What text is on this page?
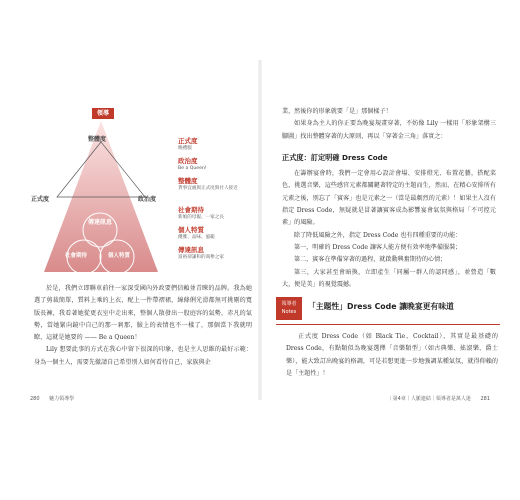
領導
整體度
正式度	政治度
傳達訊息
社會期待	個人特質
正式度
晚禮服
政治度
Be a Queen!
整體度
貨事宜處與正式度與社人接近
社會期待
新娘的母親、一家之長
個人特質
優雅、品味、風範
傳達訊息
富裕卻謙和的商參之家

於是，我們立即聯車前往一家深受國內外政要們信賴並青睞的品牌。我為她選了剪裁簡單，質料上乘的上衣，配上一件帶褶裙，線條俐光滑都無可挑剔的寬版長褲，我看著她從更衣室中走出來，整個人散發出一股庭容的氣勢，赤凡的氣勢，當她緊向鏡中自己的那一剎那，臉上的表情也不一樣了，那個當下我就明瞭，這就是她要的 —— Be a Queen！

Lily 想要此事的方式在我心中留下很深的印象，也是主人思維的最好示範：身為一個主人，需要先徹請自己希望別人如何看待自己，家族與企

280 魅力領導學

業，然後你的形象就要「是」那個樣子！

如果身為主人的你正要為晚宴規畫穿著，不妨像 Lily 一樣用「形象架構三腳圖」找出整體穿著的大原則，再以「穿著金三角」落實之：

正式度：訂定明確 Dress Code

在籌辦宴會時，我們一定會用心設計會場、安排燈光、布置花藝，搭配菜色，挑選音樂，這些感官元素都關鍵著特定的主題而生，然而，在精心安排所有元素之後，別忘了「賓客」也是元素之一（當是最劇烈的元素）！如果主人沒有指定 Dress Code，無疑就是冒著讓賓客成為影響宴會氣氛與格局「不可控元素」的風險。

除了降低風險之外，指定 Dress Code 也有四種重要的功能：

第一，明確的 Dress Code 讓客人能方便有效率地準備服裝；

第二，賓客在準備穿著的過程，就啟動興奮期待的心情；

第三，大家甚至會暗換，立即產生「同屬一群人的認同感」，並營造「數大，便是美」的視覺震撼。

領導者
Notes
「主題性」Dress Code 讓晚宴更有味道

正式度 Dress Code（如 Black Tie、Cocktail），其實是最基礎的 Dress Code，有點類似為晚宴選擇「音樂類型」（如古典樂、搖滾樂、爵士樂），能大致訂出晚宴的格調，可是若想更進一步地強調某種氣氛，就得仰賴的是「主題性」！

｜第4章｜人脈連結｜領導者是萬人迷 281
